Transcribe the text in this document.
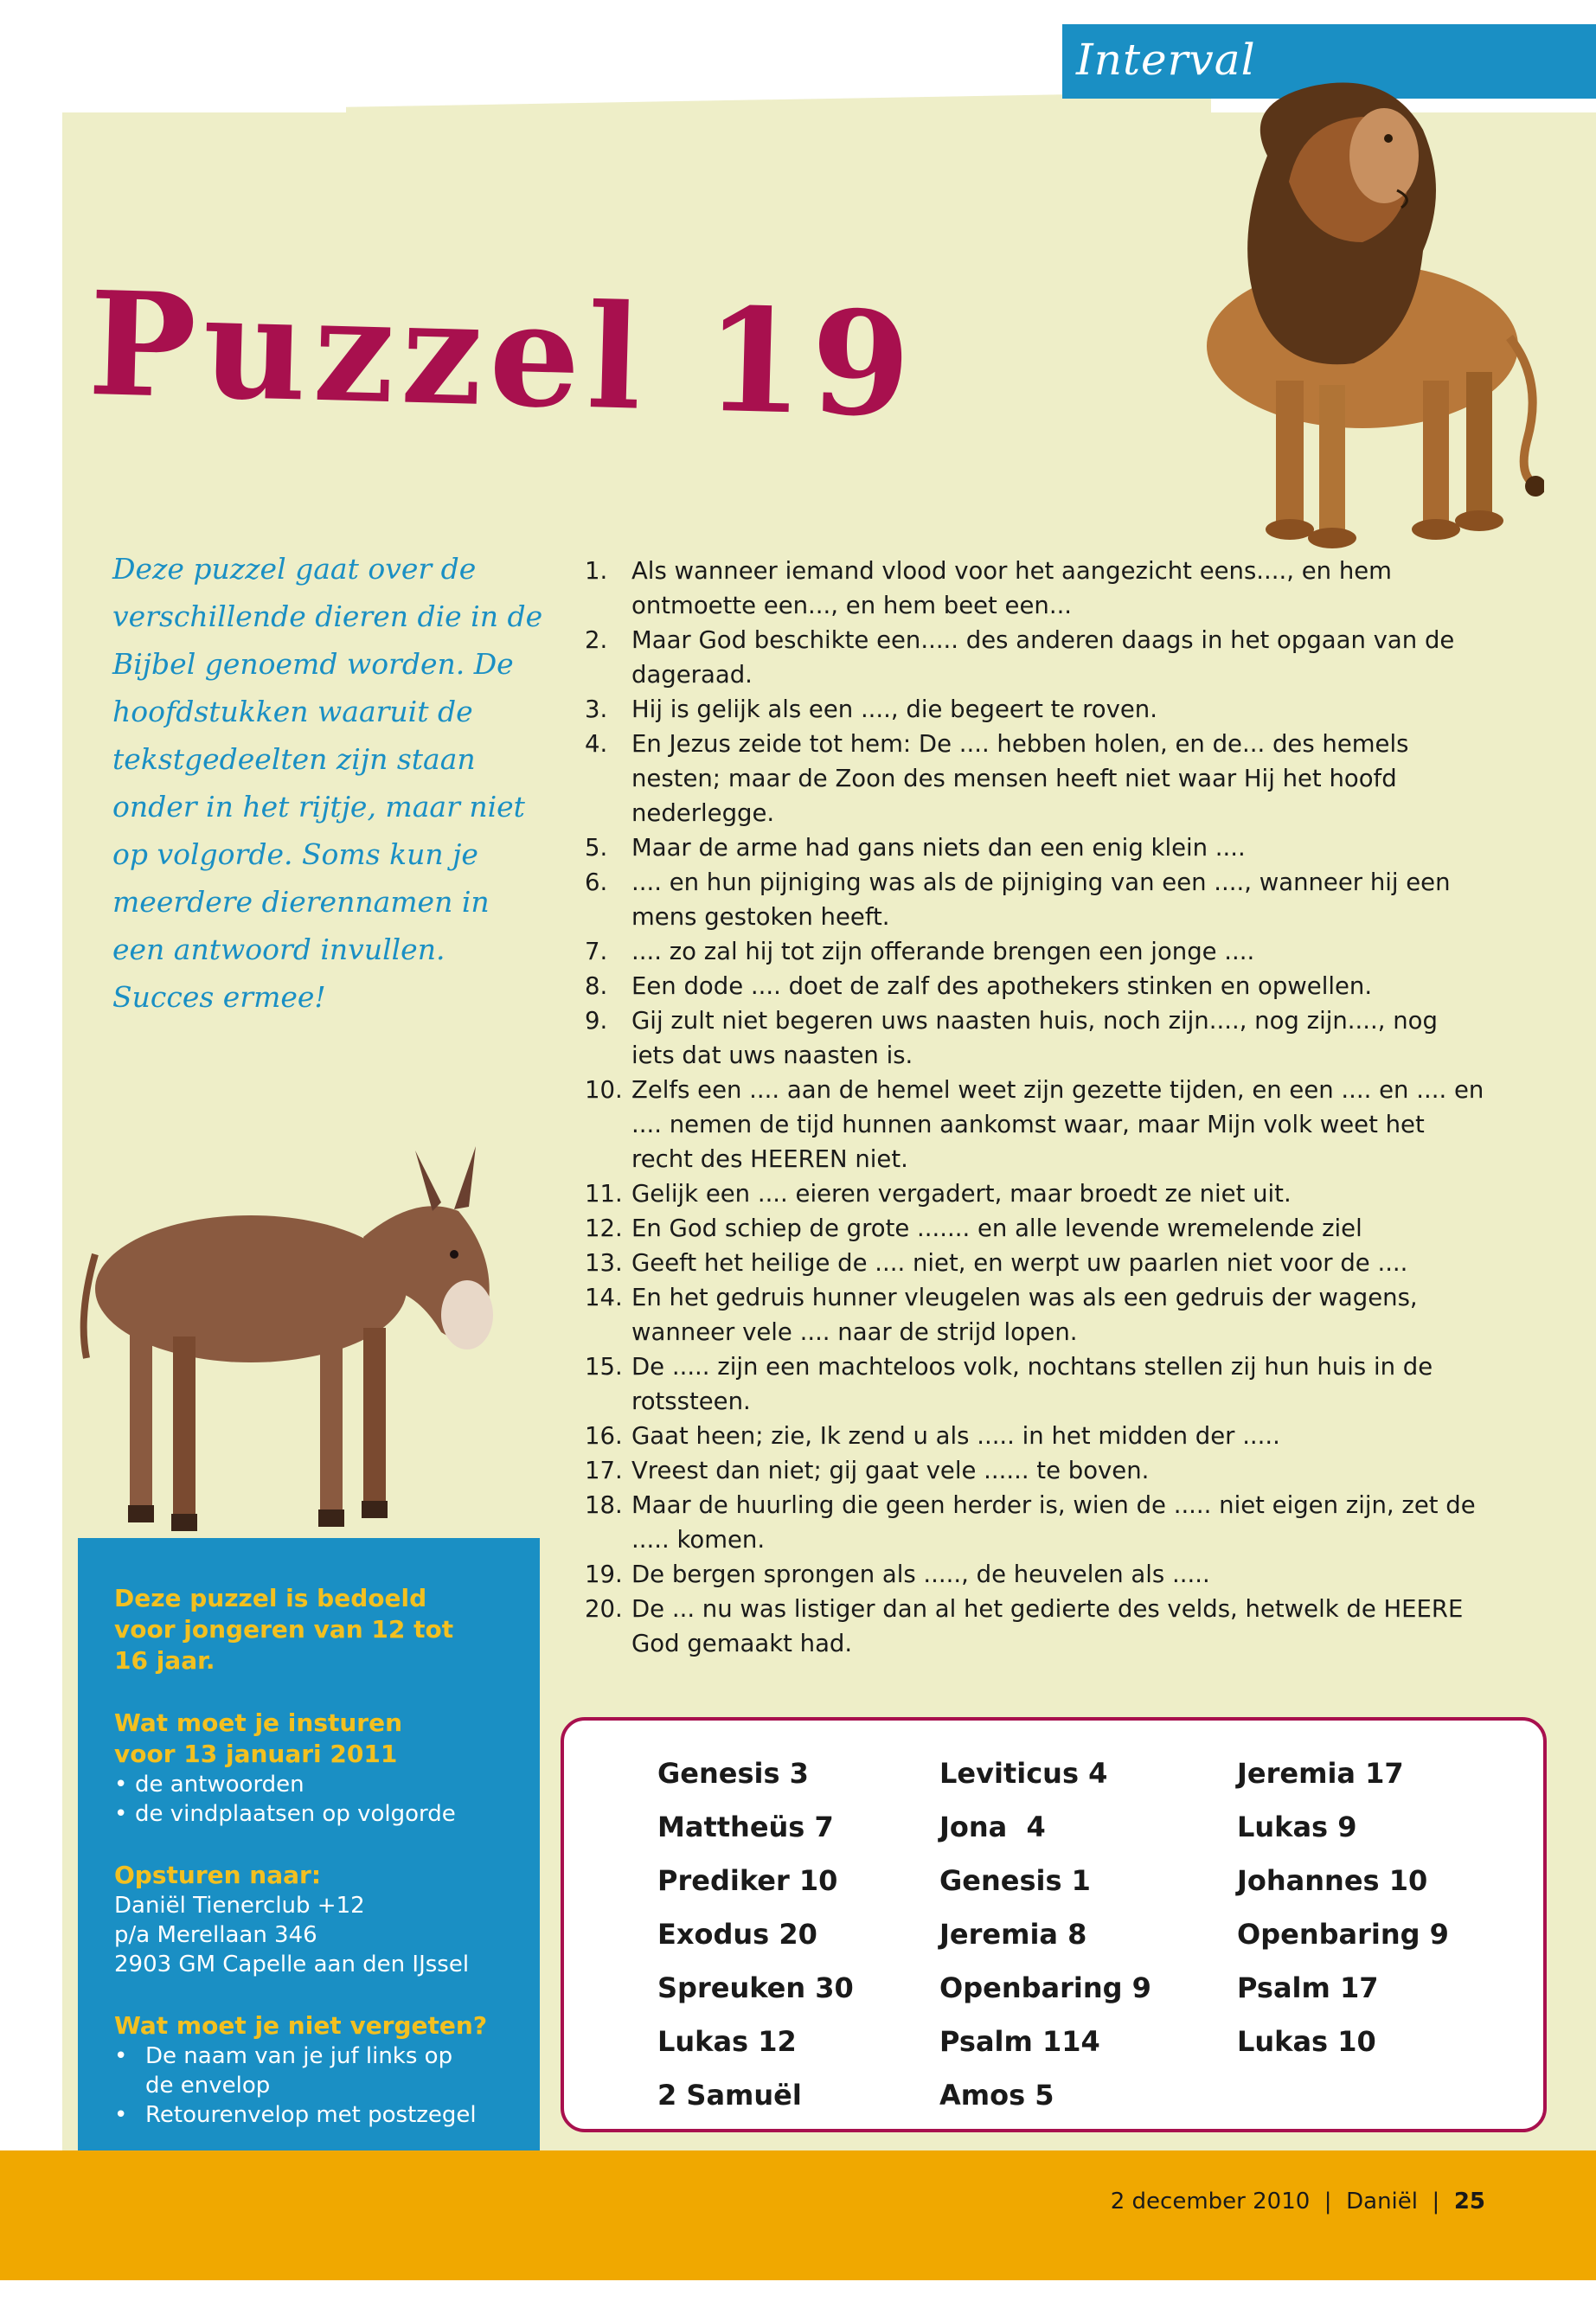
Interval
Puzzel 19
Deze puzzel gaat over de verschillende dieren die in de Bijbel genoemd worden. De hoofdstukken waaruit de tekstgedeelten zijn staan onder in het rijtje, maar niet op volgorde. Soms kun je meerdere dierennamen in een antwoord invullen. Succes ermee!
1. Als wanneer iemand vlood voor het aangezicht eens...., en hem ontmoette een..., en hem beet een...
2. Maar God beschikte een..... des anderen daags in het opgaan van de dageraad.
3. Hij is gelijk als een ...., die begeert te roven.
4. En Jezus zeide tot hem: De .... hebben holen, en de... des hemels nesten; maar de Zoon des mensen heeft niet waar Hij het hoofd nederlegge.
5. Maar de arme had gans niets dan een enig klein ....
6. .... en hun pijniging was als de pijniging van een ...., wanneer hij een mens gestoken heeft.
7. .... zo zal hij tot zijn offerande brengen een jonge ....
8. Een dode .... doet de zalf des apothekers stinken en opwellen.
9. Gij zult niet begeren uws naasten huis, noch zijn...., nog zijn...., nog iets dat uws naasten is.
10. Zelfs een .... aan de hemel weet zijn gezette tijden, en een .... en .... en .... nemen de tijd hunnen aankomst waar, maar Mijn volk weet het recht des HEEREN niet.
11. Gelijk een .... eieren vergadert, maar broedt ze niet uit.
12. En God schiep de grote ....... en alle levende wremelende ziel
13. Geeft het heilige de .... niet, en werpt uw paarlen niet voor de ....
14. En het gedruis hunner vleugelen was als een gedruis der wagens, wanneer vele .... naar de strijd lopen.
15. De ..... zijn een machteloos volk, nochtans stellen zij hun huis in de rotssteen.
16. Gaat heen; zie, Ik zend u als ..... in het midden der .....
17. Vreest dan niet; gij gaat vele ...... te boven.
18. Maar de huurling die geen herder is, wien de ..... niet eigen zijn, zet de ..... komen.
19. De bergen sprongen als ....., de heuvelen als .....
20. De ... nu was listiger dan al het gedierte des velds, hetwelk de HEERE God gemaakt had.
Deze puzzel is bedoeld voor jongeren van 12 tot 16 jaar.
Wat moet je insturen voor 13 januari 2011
• de antwoorden
• de vindplaatsen op volgorde
Opsturen naar:
Daniël Tienerclub +12
p/a Merellaan 346
2903 GM Capelle aan den IJssel
Wat moet je niet vergeten?
• De naam van je juf links op de envelop
• Retourenvelop met postzegel
Genesis 3
Mattheüs 7
Prediker 10
Exodus 20
Spreuken 30
Lukas 12
2 Samuël
Leviticus 4
Jona  4
Genesis 1
Jeremia 8
Openbaring 9
Psalm 114
Amos 5
Jeremia 17
Lukas 9
Johannes 10
Openbaring 9
Psalm 17
Lukas 10
2 december 2010  |  Daniël  |  25
